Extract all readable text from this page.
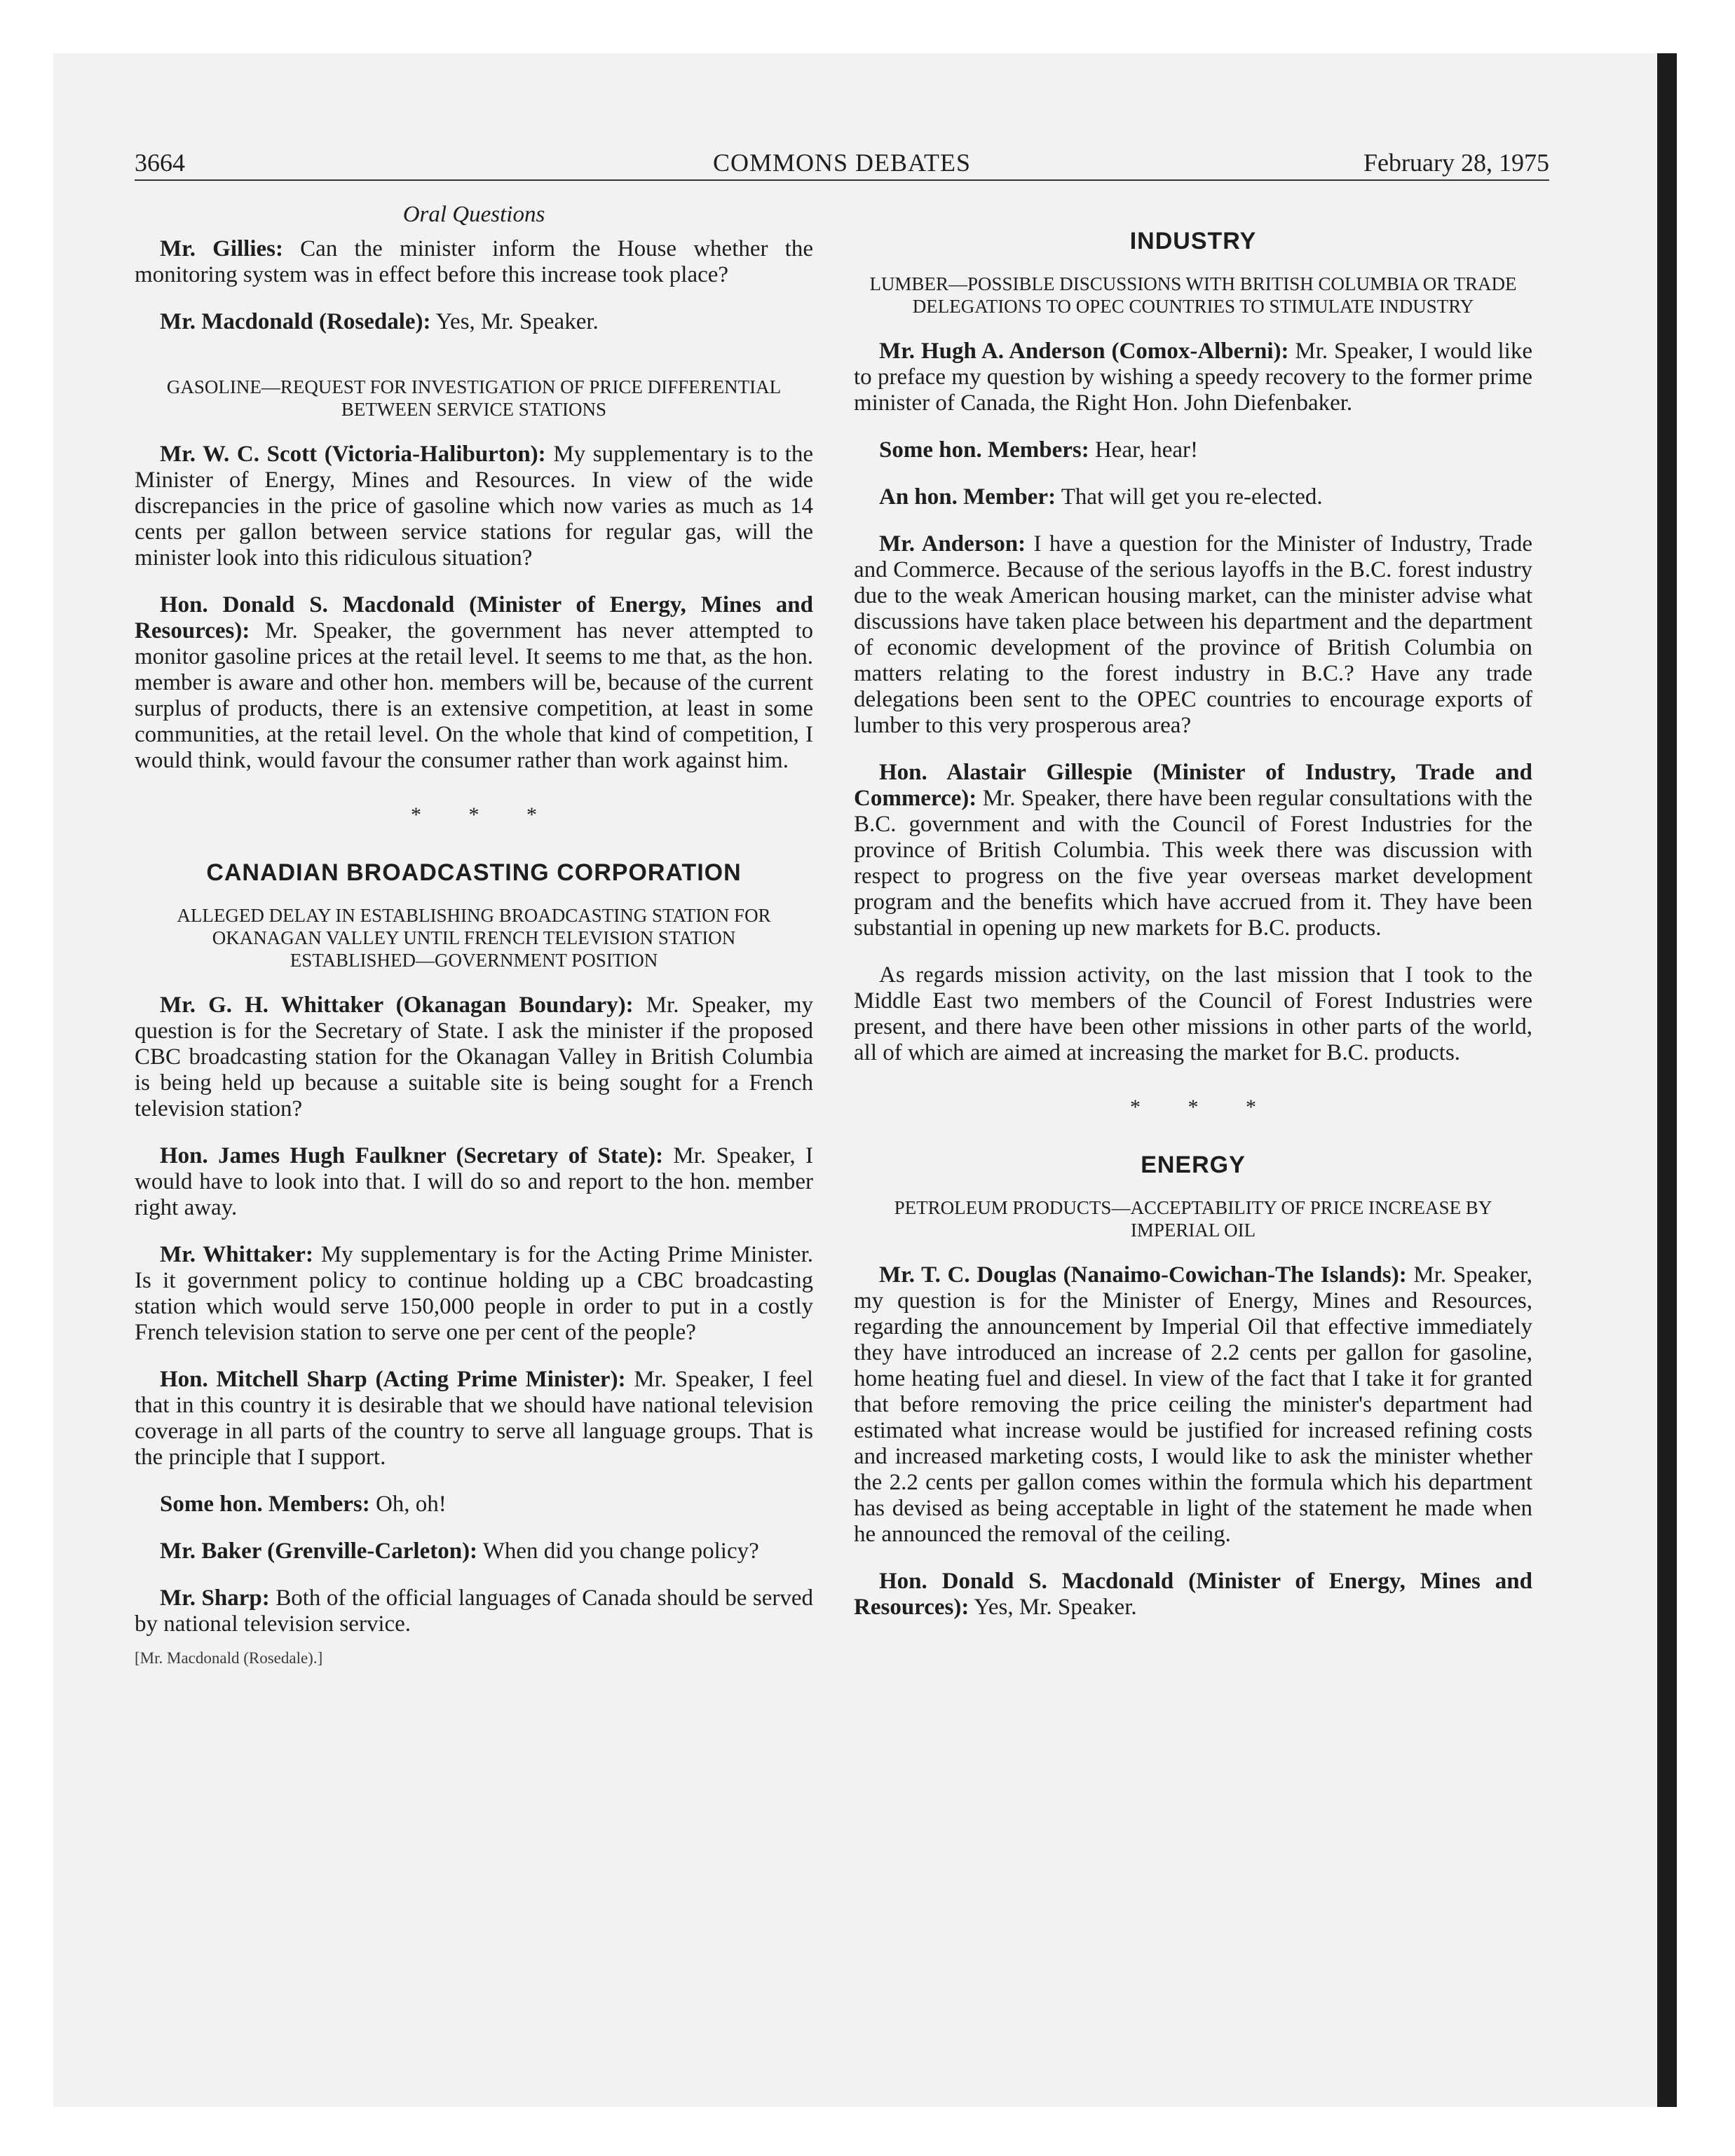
3664	COMMONS DEBATES	February 28, 1975

Oral Questions

Mr. Gillies: Can the minister inform the House whether the monitoring system was in effect before this increase took place?

Mr. Macdonald (Rosedale): Yes, Mr. Speaker.

GASOLINE—REQUEST FOR INVESTIGATION OF PRICE DIFFERENTIAL BETWEEN SERVICE STATIONS

Mr. W. C. Scott (Victoria-Haliburton): My supplementary is to the Minister of Energy, Mines and Resources. In view of the wide discrepancies in the price of gasoline which now varies as much as 14 cents per gallon between service stations for regular gas, will the minister look into this ridiculous situation?

Hon. Donald S. Macdonald (Minister of Energy, Mines and Resources): Mr. Speaker, the government has never attempted to monitor gasoline prices at the retail level. It seems to me that, as the hon. member is aware and other hon. members will be, because of the current surplus of products, there is an extensive competition, at least in some communities, at the retail level. On the whole that kind of competition, I would think, would favour the consumer rather than work against him.

* * *

CANADIAN BROADCASTING CORPORATION

ALLEGED DELAY IN ESTABLISHING BROADCASTING STATION FOR OKANAGAN VALLEY UNTIL FRENCH TELEVISION STATION ESTABLISHED—GOVERNMENT POSITION

Mr. G. H. Whittaker (Okanagan Boundary): Mr. Speaker, my question is for the Secretary of State. I ask the minister if the proposed CBC broadcasting station for the Okanagan Valley in British Columbia is being held up because a suitable site is being sought for a French television station?

Hon. James Hugh Faulkner (Secretary of State): Mr. Speaker, I would have to look into that. I will do so and report to the hon. member right away.

Mr. Whittaker: My supplementary is for the Acting Prime Minister. Is it government policy to continue holding up a CBC broadcasting station which would serve 150,000 people in order to put in a costly French television station to serve one per cent of the people?

Hon. Mitchell Sharp (Acting Prime Minister): Mr. Speaker, I feel that in this country it is desirable that we should have national television coverage in all parts of the country to serve all language groups. That is the principle that I support.

Some hon. Members: Oh, oh!

Mr. Baker (Grenville-Carleton): When did you change policy?

Mr. Sharp: Both of the official languages of Canada should be served by national television service.

[Mr. Macdonald (Rosedale).]

INDUSTRY

LUMBER—POSSIBLE DISCUSSIONS WITH BRITISH COLUMBIA OR TRADE DELEGATIONS TO OPEC COUNTRIES TO STIMULATE INDUSTRY

Mr. Hugh A. Anderson (Comox-Alberni): Mr. Speaker, I would like to preface my question by wishing a speedy recovery to the former prime minister of Canada, the Right Hon. John Diefenbaker.

Some hon. Members: Hear, hear!

An hon. Member: That will get you re-elected.

Mr. Anderson: I have a question for the Minister of Industry, Trade and Commerce. Because of the serious layoffs in the B.C. forest industry due to the weak American housing market, can the minister advise what discussions have taken place between his department and the department of economic development of the province of British Columbia on matters relating to the forest industry in B.C.? Have any trade delegations been sent to the OPEC countries to encourage exports of lumber to this very prosperous area?

Hon. Alastair Gillespie (Minister of Industry, Trade and Commerce): Mr. Speaker, there have been regular consultations with the B.C. government and with the Council of Forest Industries for the province of British Columbia. This week there was discussion with respect to progress on the five year overseas market development program and the benefits which have accrued from it. They have been substantial in opening up new markets for B.C. products.

As regards mission activity, on the last mission that I took to the Middle East two members of the Council of Forest Industries were present, and there have been other missions in other parts of the world, all of which are aimed at increasing the market for B.C. products.

* * *

ENERGY

PETROLEUM PRODUCTS—ACCEPTABILITY OF PRICE INCREASE BY IMPERIAL OIL

Mr. T. C. Douglas (Nanaimo-Cowichan-The Islands): Mr. Speaker, my question is for the Minister of Energy, Mines and Resources, regarding the announcement by Imperial Oil that effective immediately they have introduced an increase of 2.2 cents per gallon for gasoline, home heating fuel and diesel. In view of the fact that I take it for granted that before removing the price ceiling the minister's department had estimated what increase would be justified for increased refining costs and increased marketing costs, I would like to ask the minister whether the 2.2 cents per gallon comes within the formula which his department has devised as being acceptable in light of the statement he made when he announced the removal of the ceiling.

Hon. Donald S. Macdonald (Minister of Energy, Mines and Resources): Yes, Mr. Speaker.
